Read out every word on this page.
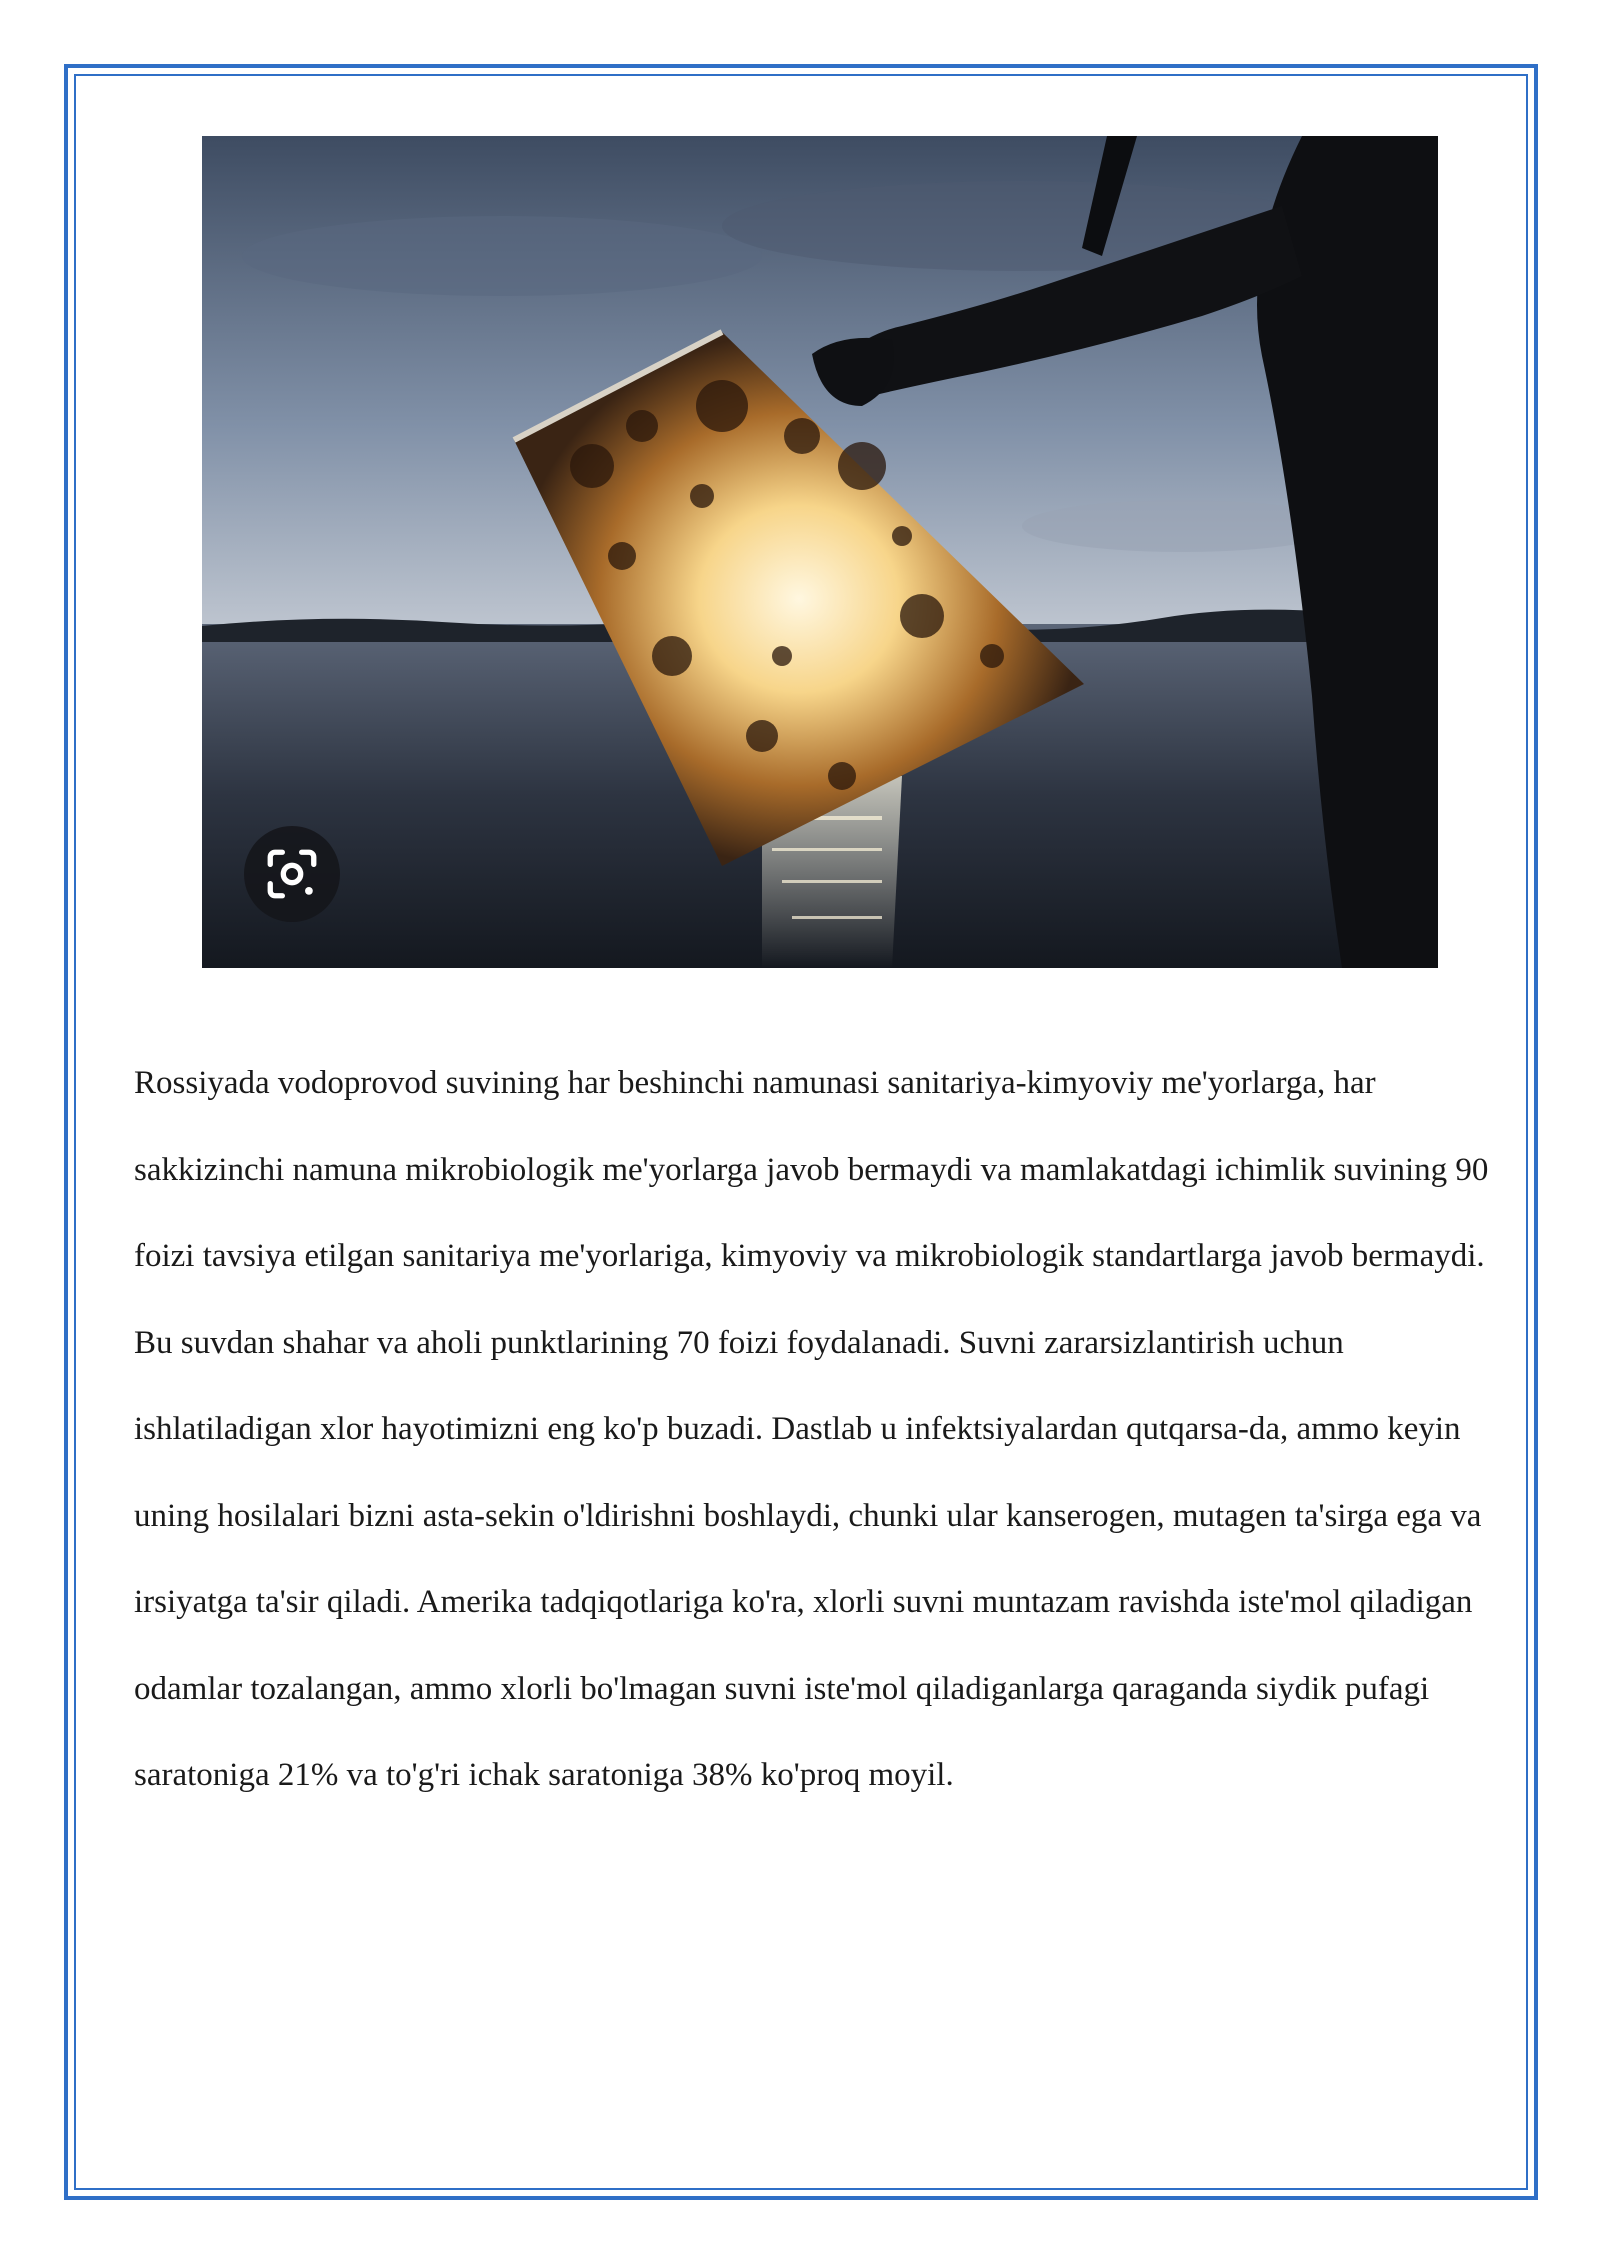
Rossiyada vodoprovod suvining har beshinchi namunasi sanitariya-kimyoviy me'yorlarga, har sakkizinchi namuna mikrobiologik me'yorlarga javob bermaydi va mamlakatdagi ichimlik suvining 90 foizi tavsiya etilgan sanitariya me'yorlariga, kimyoviy va mikrobiologik standartlarga javob bermaydi. Bu suvdan shahar va aholi punktlarining 70 foizi foydalanadi. Suvni zararsizlantirish uchun ishlatiladigan xlor hayotimizni eng ko'p buzadi. Dastlab u infektsiyalardan qutqarsa-da, ammo keyin uning hosilalari bizni asta-sekin o'ldirishni boshlaydi, chunki ular kanserogen, mutagen ta'sirga ega va irsiyatga ta'sir qiladi. Amerika tadqiqotlariga ko'ra, xlorli suvni muntazam ravishda iste'mol qiladigan odamlar tozalangan, ammo xlorli bo'lmagan suvni iste'mol qiladiganlarga qaraganda siydik pufagi saratoniga 21% va to'g'ri ichak saratoniga 38% ko'proq moyil.
